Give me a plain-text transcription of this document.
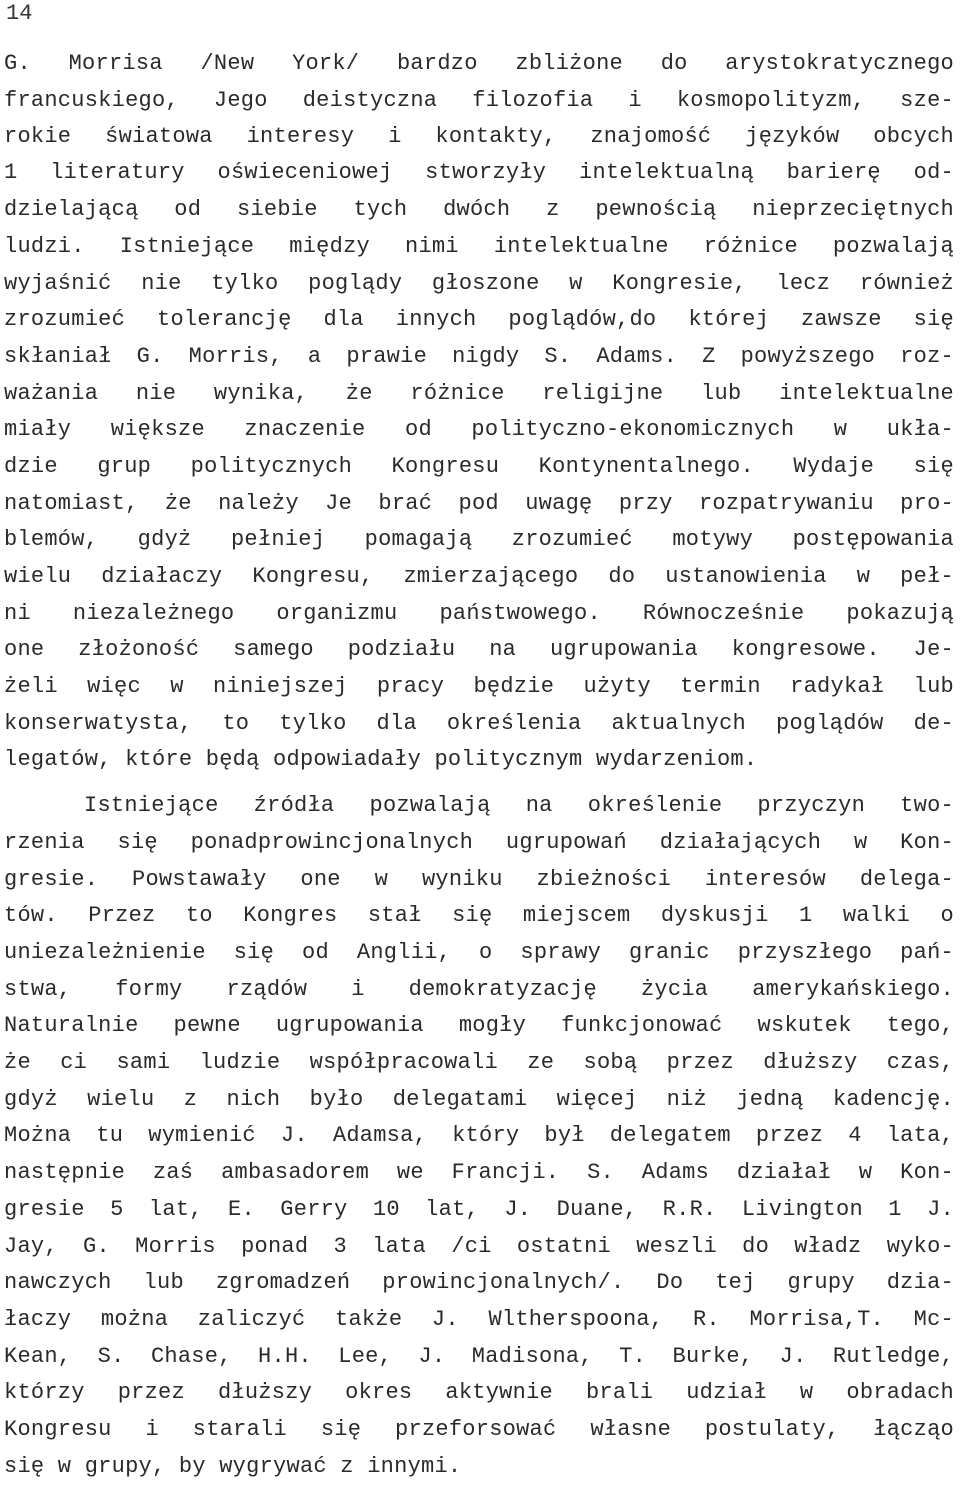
14
G. Morrisa /New York/ bardzo zbliżone do arystokratycznego
francuskiego, Jego deistyczna filozofia i kosmopolityzm, sze-
rokie światowa interesy i kontakty, znajomość języków obcych
1 literatury oświeceniowej stworzyły intelektualną barierę od-
dzielającą od siebie tych dwóch z pewnością nieprzeciętnych
ludzi. Istniejące między nimi intelektualne różnice pozwalają
wyjaśnić nie tylko poglądy głoszone w Kongresie, lecz również
zrozumieć tolerancję dla innych poglądów,do której zawsze się
skłaniał G. Morris, a prawie nigdy S. Adams. Z powyższego roz-
ważania nie wynika, że różnice religijne lub intelektualne
miały większe znaczenie od polityczno-ekonomicznych w ukła-
dzie grup politycznych Kongresu Kontynentalnego. Wydaje się
natomiast, że należy Je brać pod uwagę przy rozpatrywaniu pro-
blemów, gdyż pełniej pomagają zrozumieć motywy postępowania
wielu działaczy Kongresu, zmierzającego do ustanowienia w peł-
ni niezależnego organizmu państwowego. Równocześnie pokazują
one złożoność samego podziału na ugrupowania kongresowe. Je-
żeli więc w niniejszej pracy będzie użyty termin radykał lub
konserwatysta, to tylko dla określenia aktualnych poglądów de-
legatów, które będą odpowiadały politycznym wydarzeniom.
Istniejące źródła pozwalają na określenie przyczyn two-
rzenia się ponadprowincjonalnych ugrupowań działających w Kon-
gresie. Powstawały one w wyniku zbieżności interesów delega-
tów. Przez to Kongres stał się miejscem dyskusji 1 walki o
uniezależnienie się od Anglii, o sprawy granic przyszłego pań-
stwa, formy rządów i demokratyzację życia amerykańskiego.
Naturalnie pewne ugrupowania mogły funkcjonować wskutek tego,
że ci sami ludzie współpracowali ze sobą przez dłuższy czas,
gdyż wielu z nich było delegatami więcej niż jedną kadencję.
Można tu wymienić J. Adamsa, który był delegatem przez 4 lata,
następnie zaś ambasadorem we Francji. S. Adams działał w Kon-
gresie 5 lat, E. Gerry 10 lat, J. Duane, R.R. Livington 1 J.
Jay, G. Morris ponad 3 lata /ci ostatni weszli do władz wyko-
nawczych lub zgromadzeń prowincjonalnych/. Do tej grupy dzia-
łaczy można zaliczyć także J. Wltherspoona, R. Morrisa,T. Mc-
Kean, S. Chase, H.H. Lee, J. Madisona, T. Burke, J. Rutledge,
którzy przez dłuższy okres aktywnie brali udział w obradach
Kongresu i starali się przeforsować własne postulaty, łącząo
się w grupy, by wygrywać z innymi.
